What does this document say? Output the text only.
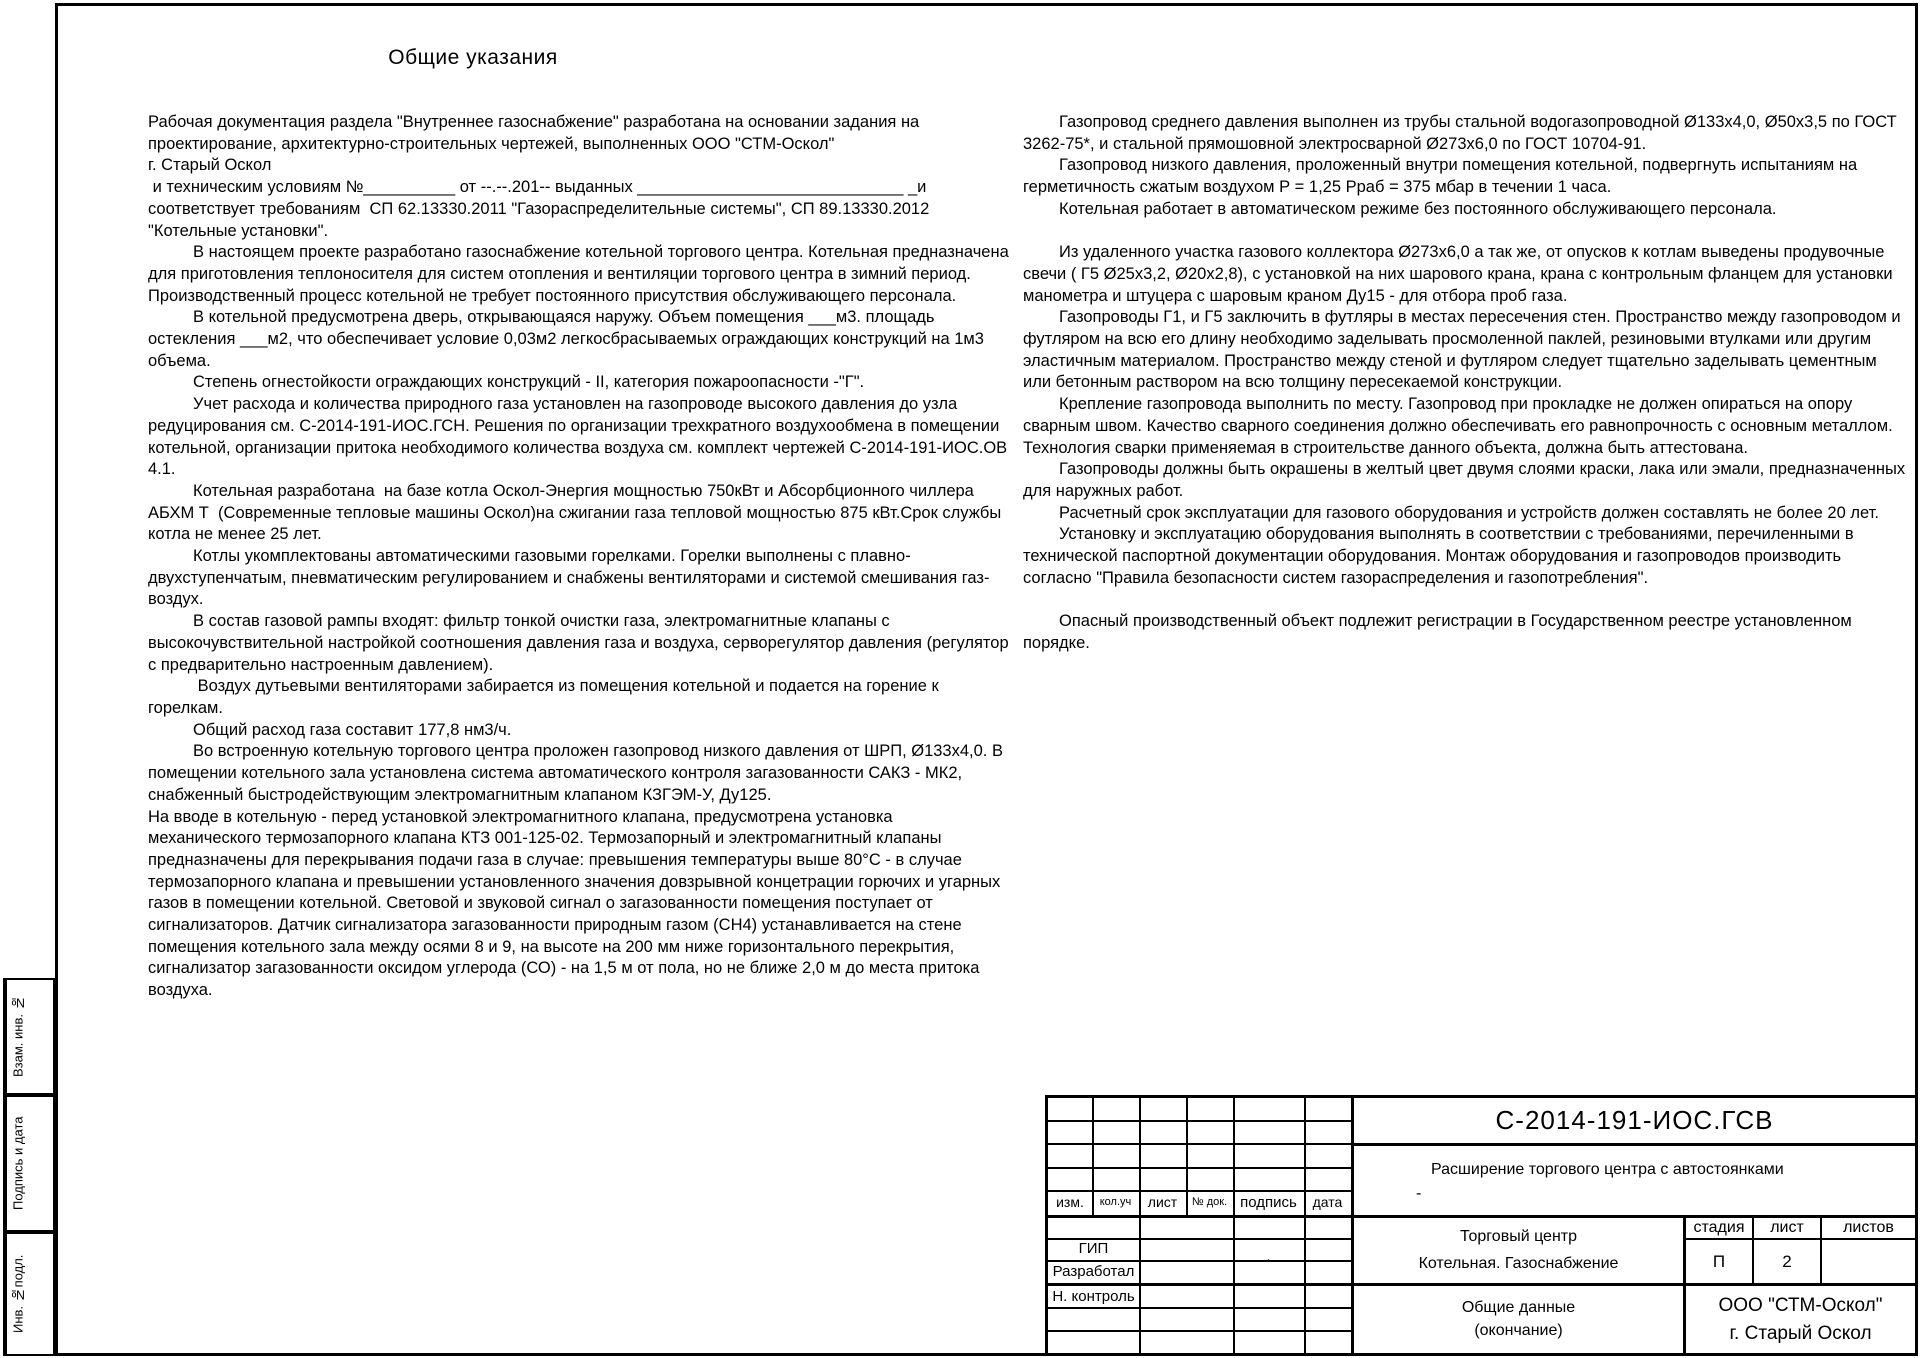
Общие указания

Рабочая документация раздела "Внутреннее газоснабжение" разработана на основании задания на проектирование, архитектурно-строительных чертежей, выполненных ООО "СТМ-Оскол"

г. Старый Оскол

и техническим условиям №__________ от --.--.201-- выданных _____________________________ _и

соответствует требованиям  СП 62.13330.2011 "Газораспределительные системы", СП 89.13330.2012 "Котельные установки".

В настоящем проекте разработано газоснабжение котельной торгового центра. Котельная предназначена для приготовления теплоносителя для систем отопления и вентиляции торгового центра в зимний период. Производственный процесс котельной не требует постоянного присутствия обслуживающего персонала.

В котельной предусмотрена дверь, открывающаяся наружу. Объем помещения ___м3. площадь остекления ___м2, что обеспечивает условие 0,03м2 легкосбрасываемых ограждающих конструкций на 1м3 объема.

Степень огнестойкости ограждающих конструкций - II, категория пожароопасности -"Г".

Учет расхода и количества природного газа установлен на газопроводе высокого давления до узла редуцирования см. С-2014-191-ИОС.ГСН. Решения по организации трехкратного воздухообмена в помещении котельной, организации притока необходимого количества воздуха см. комплект чертежей С-2014-191-ИОС.ОВ 4.1.

Котельная разработана  на базе котла Оскол-Энергия мощностью 750кВт и Абсорбционного чиллера АБХМ Т  (Современные тепловые машины Оскол)на сжигании газа тепловой мощностью 875 кВт.Срок службы котла не менее 25 лет.

Котлы укомплектованы автоматическими газовыми горелками. Горелки выполнены с плавно-двухступенчатым, пневматическим регулированием и снабжены вентиляторами и системой смешивания газ- воздух.

В состав газовой рампы входят: фильтр тонкой очистки газа, электромагнитные клапаны с высокочувствительной настройкой соотношения давления газа и воздуха, серворегулятор давления (регулятор с предварительно настроенным давлением).

Воздух дутьевыми вентиляторами забирается из помещения котельной и подается на горение к горелкам.

Общий расход газа составит 177,8 нм3/ч.

Во встроенную котельную торгового центра проложен газопровод низкого давления от ШРП, Ø133х4,0. В помещении котельного зала установлена система автоматического контроля загазованности САКЗ - МК2, снабженный быстродействующим электромагнитным клапаном КЗГЭМ-У, Ду125.

На вводе в котельную - перед установкой электромагнитного клапана, предусмотрена установка механического термозапорного клапана КТЗ 001-125-02. Термозапорный и электромагнитный клапаны предназначены для перекрывания подачи газа в случае: превышения температуры выше 80°С - в случае термозапорного клапана и превышении установленного значения довзрывной концетрации горючих и угарных газов в помещении котельной. Световой и звуковой сигнал о загазованности помещения поступает от сигнализаторов. Датчик сигнализатора загазованности природным газом (СН4) устанавливается на стене помещения котельного зала между осями 8 и 9, на высоте на 200 мм ниже горизонтального перекрытия, сигнализатор загазованности оксидом углерода (СО) - на 1,5 м от пола, но не ближе 2,0 м до места притока воздуха.

Газопровод среднего давления выполнен из трубы стальной водогазопроводной Ø133х4,0, Ø50х3,5 по ГОСТ 3262-75*, и стальной прямошовной электросварной Ø273х6,0 по ГОСТ 10704-91.

Газопровод низкого давления, проложенный внутри помещения котельной, подвергнуть испытаниям на герметичность сжатым воздухом Р = 1,25 Рраб = 375 мбар в течении 1 часа.

Котельная работает в автоматическом режиме без постоянного обслуживающего персонала.

Из удаленного участка газового коллектора Ø273х6,0 а так же, от опусков к котлам выведены продувочные свечи ( Г5 Ø25х3,2, Ø20х2,8), с установкой на них шарового крана, крана с контрольным фланцем для установки манометра и штуцера с шаровым краном Ду15 - для отбора проб газа.

Газопроводы Г1, и Г5 заключить в футляры в местах пересечения стен. Пространство между газопроводом и футляром на всю его длину необходимо заделывать просмоленной паклей, резиновыми втулками или другим эластичным материалом. Пространство между стеной и футляром следует тщательно заделывать цементным или бетонным раствором на всю толщину пересекаемой конструкции.

Крепление газопровода выполнить по месту. Газопровод при прокладке не должен опираться на опору сварным швом. Качество сварного соединения должно обеспечивать его равнопрочность с основным металлом. Технология сварки применяемая в строительстве данного объекта, должна быть аттестована.

Газопроводы должны быть окрашены в желтый цвет двумя слоями краски, лака или эмали, предназначенных для наружных работ.

Расчетный срок эксплуатации для газового оборудования и устройств должен составлять не более 20 лет.

Установку и эксплуатацию оборудования выполнять в соответствии с требованиями, перечиленными в технической паспортной документации оборудования. Монтаж оборудования и газопроводов производить согласно "Правила безопасности систем газораспределения и газопотребления".

Опасный производственный объект подлежит регистрации в Государственном реестре установленном порядке.

Взам. инв. №
Подпись и дата
Инв. №подл.
изм.	кол.уч	лист	№ док. подпись	дата
ГИП
Разработал
Н. контроль
.
С-2014-191-ИОС.ГСВ
Расширение торгового центра с автостоянками
-
Торговый центр
Котельная. Газоснабжение
стадия	лист	листов
П	2
Общие данные
(окончание)
ООО "СТМ-Оскол"
г. Старый Оскол
